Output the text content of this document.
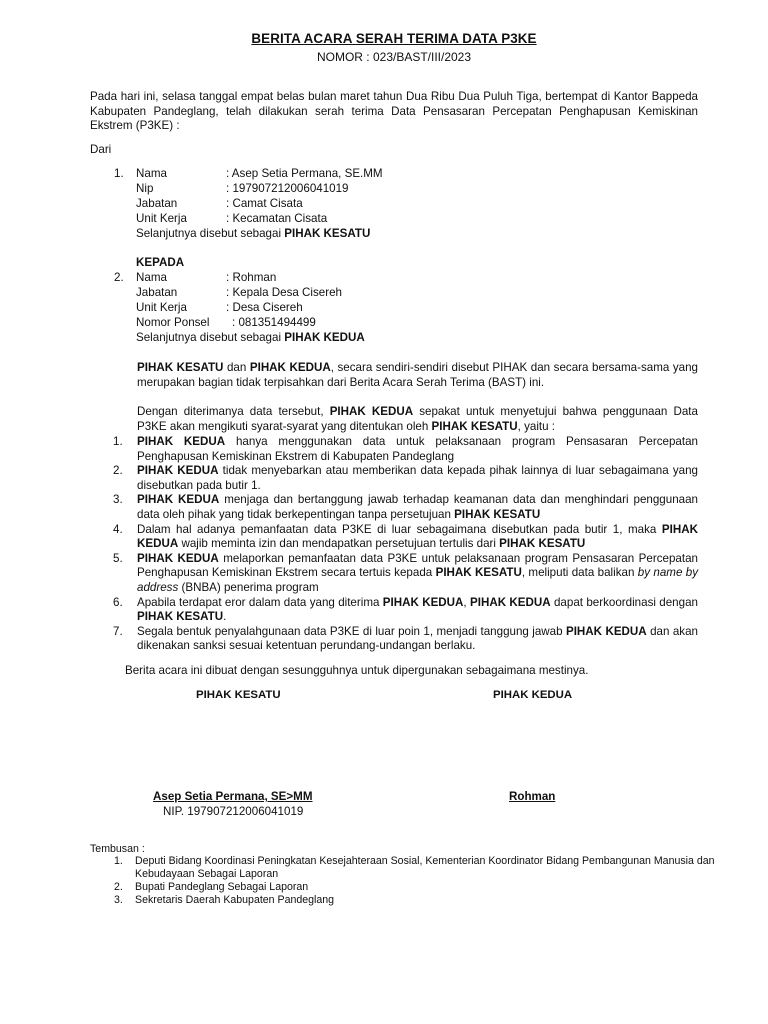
BERITA ACARA SERAH TERIMA DATA P3KE
NOMOR : 023/BAST/III/2023
Pada hari ini, selasa tanggal empat belas bulan maret tahun Dua Ribu Dua Puluh Tiga, bertempat di Kantor Bappeda Kabupaten Pandeglang, telah dilakukan serah terima Data Pensasaran Percepatan Penghapusan Kemiskinan Ekstrem (P3KE) :
Dari
1. Nama	: Asep Setia Permana, SE.MM
Nip	: 197907212006041019
Jabatan	: Camat Cisata
Unit Kerja	: Kecamatan Cisata
Selanjutnya disebut sebagai PIHAK KESATU
KEPADA
2. Nama	: Rohman
Jabatan	: Kepala Desa Cisereh
Unit Kerja	: Desa Cisereh
Nomor Ponsel : 081351494499
Selanjutnya disebut sebagai PIHAK KEDUA
PIHAK KESATU dan PIHAK KEDUA, secara sendiri-sendiri disebut PIHAK dan secara bersama-sama yang merupakan bagian tidak terpisahkan dari Berita Acara Serah Terima (BAST) ini.
Dengan diterimanya data tersebut, PIHAK KEDUA sepakat untuk menyetujui bahwa penggunaan Data P3KE akan mengikuti syarat-syarat yang ditentukan oleh PIHAK KESATU, yaitu :
1. PIHAK KEDUA hanya menggunakan data untuk pelaksanaan program Pensasaran Percepatan Penghapusan Kemiskinan Ekstrem di Kabupaten Pandeglang
2. PIHAK KEDUA tidak menyebarkan atau memberikan data kepada pihak lainnya di luar sebagaimana yang disebutkan pada butir 1.
3. PIHAK KEDUA menjaga dan bertanggung jawab terhadap keamanan data dan menghindari penggunaan data oleh pihak yang tidak berkepentingan tanpa persetujuan PIHAK KESATU
4. Dalam hal adanya pemanfaatan data P3KE di luar sebagaimana disebutkan pada butir 1, maka PIHAK KEDUA wajib meminta izin dan mendapatkan persetujuan tertulis dari PIHAK KESATU
5. PIHAK KEDUA melaporkan pemanfaatan data P3KE untuk pelaksanaan program Pensasaran Percepatan Penghapusan Kemiskinan Ekstrem secara tertuis kepada PIHAK KESATU, meliputi data balikan by name by address (BNBA) penerima program
6. Apabila terdapat eror dalam data yang diterima PIHAK KEDUA, PIHAK KEDUA dapat berkoordinasi dengan PIHAK KESATU.
7. Segala bentuk penyalahgunaan data P3KE di luar poin 1, menjadi tanggung jawab PIHAK KEDUA dan akan dikenakan sanksi sesuai ketentuan perundang-undangan berlaku.
Berita acara ini dibuat dengan sesungguhnya untuk dipergunakan sebagaimana mestinya.
PIHAK KESATU	PIHAK KEDUA
Asep Setia Permana, SE>MM
NIP. 197907212006041019
Rohman
Tembusan :
1. Deputi Bidang Koordinasi Peningkatan Kesejahteraan Sosial, Kementerian Koordinator Bidang Pembangunan Manusia dan Kebudayaan Sebagai Laporan
2. Bupati Pandeglang Sebagai Laporan
3. Sekretaris Daerah Kabupaten Pandeglang
